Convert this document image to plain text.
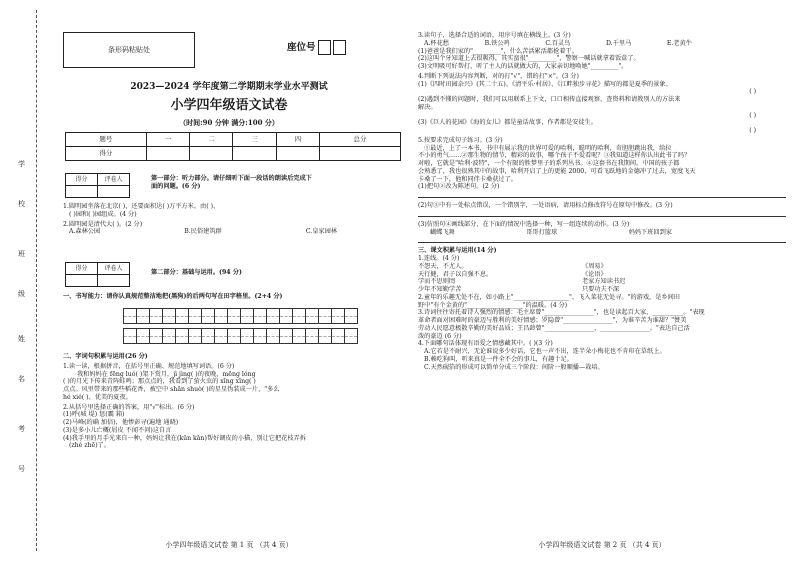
学
校
班
级
姓
名
考
号
条形码粘贴处	座位号
2023—2024 学年度第二学期期末学业水平测试
小学四年级语文试卷
（时间:90 分钟 满分:100 分）
题号	一	二	三	四	总分
得分					
得分	评卷人
		第一部分：听力部分。请仔细听下面一段话的朗读后完成下
面的问题。(6 分)
1.圆明园坐落在北京( )，还要面积达( )万平方米。由( )、
( )园和( )园组成。(4 分)
2.圆明园是清代大( )。(2 分)
A.森林公园	B.民俗建筑群	C.皇家园林
得分	评卷人

第二部分：基础与运用。(94 分)
一、书写能力：请你认真规范整洁地把(黑狗)的后两句写在田字格里。(2+4 分)
二、字词句积累与运用(26 分)
1.读一读，根据拼音，在括号里正确、规范地填写词语。(6 分)
我和妈妈在 fēng luó( )架下赏月，jì jìng( )的夜晚，mēng lóng
( )的月光下传来青阵蛙鸣；那点点的，我看到了萤火虫的 xīng xīng( )
点点。风里带来的那些稻花香，被空中 shān shuò( )的星星伪装成一片，"多么
hé xié( )、优美的夏夜。
2.从括号里选择正确的答案，用"√"标出。(6 分)
(1)呼(城 堤) 惩(霸 箱)
(2)马峰(的确 加倍)，他惨彭寻(遍地 通晓)
(3)是多小儿亡概(屑皮 不闻不问)这自言
(4)我手里的月手光来自一种，妈妈让我在(kūn kān)帮好调皮的小猫，别让它把花枝弄拆
(zhé zhē)了。
小学四年级语文试卷 第 1 页 （共 4 页）
3.读句子，选择合适的词语，用序号填在横线上。(3 分)
A.杯花愁	B.铁公鸡	C.百灵鸟	D.千里马	E.老黄牛
(1)爸爸是我们家的"_________"，什么苦活累活都抢着干。
(2)这叫个牙知道上去很吸得，其实蛮很"_________"，警察一喊话就拿着饭盒了。
(3)文明吸可好帮打，听了主人的话就做大的，大家亲切地唤她"_________"。
4.判断下列说法内容判断，对的打"√"，错的打"×"。(3 分)
(1)《四时田园杂兴》(其二十五)、《清平乐·村居》、《江畔独步寻花》描写的都是夏季的景象。
( )
(2)遇到不懂的问题时，我们可以用联系上下文，口口相传直接观察、查资料和请教别人的方法来
解决。
( )
(3)《巨人的花园》《海的女儿》都是童话故事，作者都是安徒生。
( )
5.按要求完成句子练习。(3 分)
①最近，上了一本书，书中有展示我的世界可爱的哈利，聪明的哈利，奇胆胆跳出我，给拉
不小的勇气……②那生物的情节，精彩的故事，哪个孩子不爱看呢？③我知道这样你认出此书了吗？
对啦，它就是"哈利·波特"，一个有限的胜梦里子的系列丛书。④这套书在我期间，中国的孩子都
会熟悉了，我也很熟其中的故事，哈利开启了上的更能 2000，可看飞跃地的金德冲了过去，宽度飞天
卡桑了一下，他和同伴卡桑获过了。
(1)把句②改为陈述句。(2 分)
(2)句③中有一处标点错误，一个错别字，一处语病，请用标点修改符号在原句中修改。(3 分)
(3)仿照句④画线部分，在下面的情况中选择一种，写一组连续的动作。(3 分)
蝴蝶飞舞	哥哥打篮球	妈妈下班回到家
三、课文积累与运用(14 分)
1.连线。(4 分)
不怨天，不尤人。	《周易》
天行健，君子以自强不息。	《论语》
学而不思则罔	老家方知读书迟
少年不知勤学苦	只要功夫不深
2.童年的乐趣无处不在，如小路上"__________________"、飞入菜花无处寻。"的游戏，是乡间田
野中"有个金黄的"__________________"的温暖。(4 分)
3.诗词往往寄托着诗人强烈的情感：毛主席曾"________________"，也是读起百大家，__________。"表现
革命者面对困难时的豪迈与胜利的美好情感；罗隐曾"________________"，为谁辛苦为谁甜？"赞美
劳动人民愿意极散辛勤的美好品质；王昌龄曾"________________，________________。"表达自己活
泼的豪迈 (6 分)
4.下面哪句话体现有语爱之情感藏其中。( )(3 分)
A.它若是不耐兴，无论谁说多少好话，它也一声不出，连半朵小梅花也不肯印在草纸上。
B.赖吃狗叫，听来真是一件全不会的事儿，有趣十足。
C.天然砚箔的形成可以简单分成三个阶段：间阶一般顺播—栽培。
小学四年级语文试卷 第 2 页 （共 4 页）
